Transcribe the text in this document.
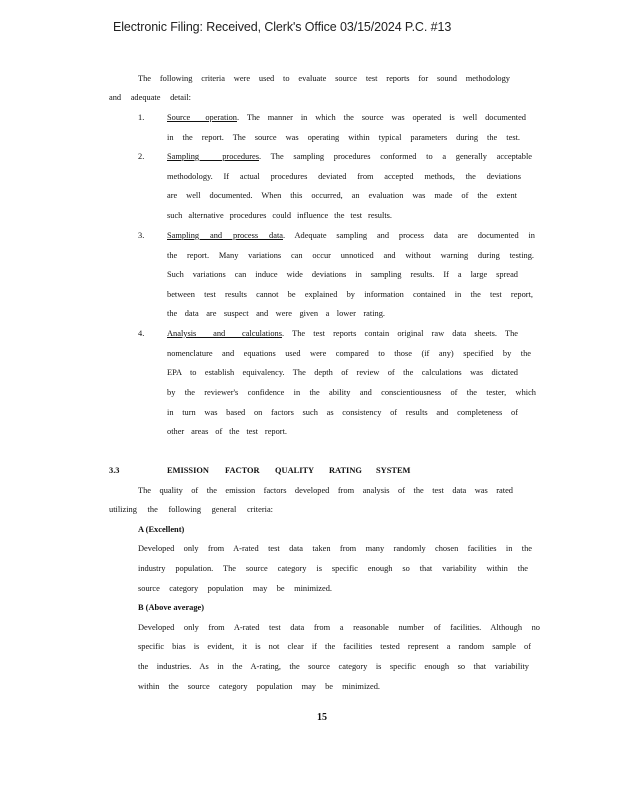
Electronic Filing: Received, Clerk's Office 03/15/2024 P.C. #13
The following criteria were used to evaluate source test reports for sound methodology
and adequate detail:
1.	Source operation. The manner in which the source was operated is well documented
in the report. The source was operating within typical parameters during the test.
2.	Sampling procedures. The sampling procedures conformed to a generally acceptable
methodology. If actual procedures deviated from accepted methods, the deviations
are well documented. When this occurred, an evaluation was made of the extent
such alternative procedures could influence the test results.
3.	Sampling and process data. Adequate sampling and process data are documented in
the report. Many variations can occur unnoticed and without warning during testing.
Such variations can induce wide deviations in sampling results. If a large spread
between test results cannot be explained by information contained in the test report,
the data are suspect and were given a lower rating.
4.	Analysis and calculations. The test reports contain original raw data sheets. The
nomenclature and equations used were compared to those (if any) specified by the
EPA to establish equivalency. The depth of review of the calculations was dictated
by the reviewer's confidence in the ability and conscientiousness of the tester, which
in turn was based on factors such as consistency of results and completeness of
other areas of the test report.
3.3	EMISSION FACTOR QUALITY RATING SYSTEM
The quality of the emission factors developed from analysis of the test data was rated
utilizing the following general criteria:
A (Excellent)
Developed only from A-rated test data taken from many randomly chosen facilities in the
industry population. The source category is specific enough so that variability within the
source category population may be minimized.
B (Above average)
Developed only from A-rated test data from a reasonable number of facilities. Although no
specific bias is evident, it is not clear if the facilities tested represent a random sample of
the industries. As in the A-rating, the source category is specific enough so that variability
within the source category population may be minimized.
15
